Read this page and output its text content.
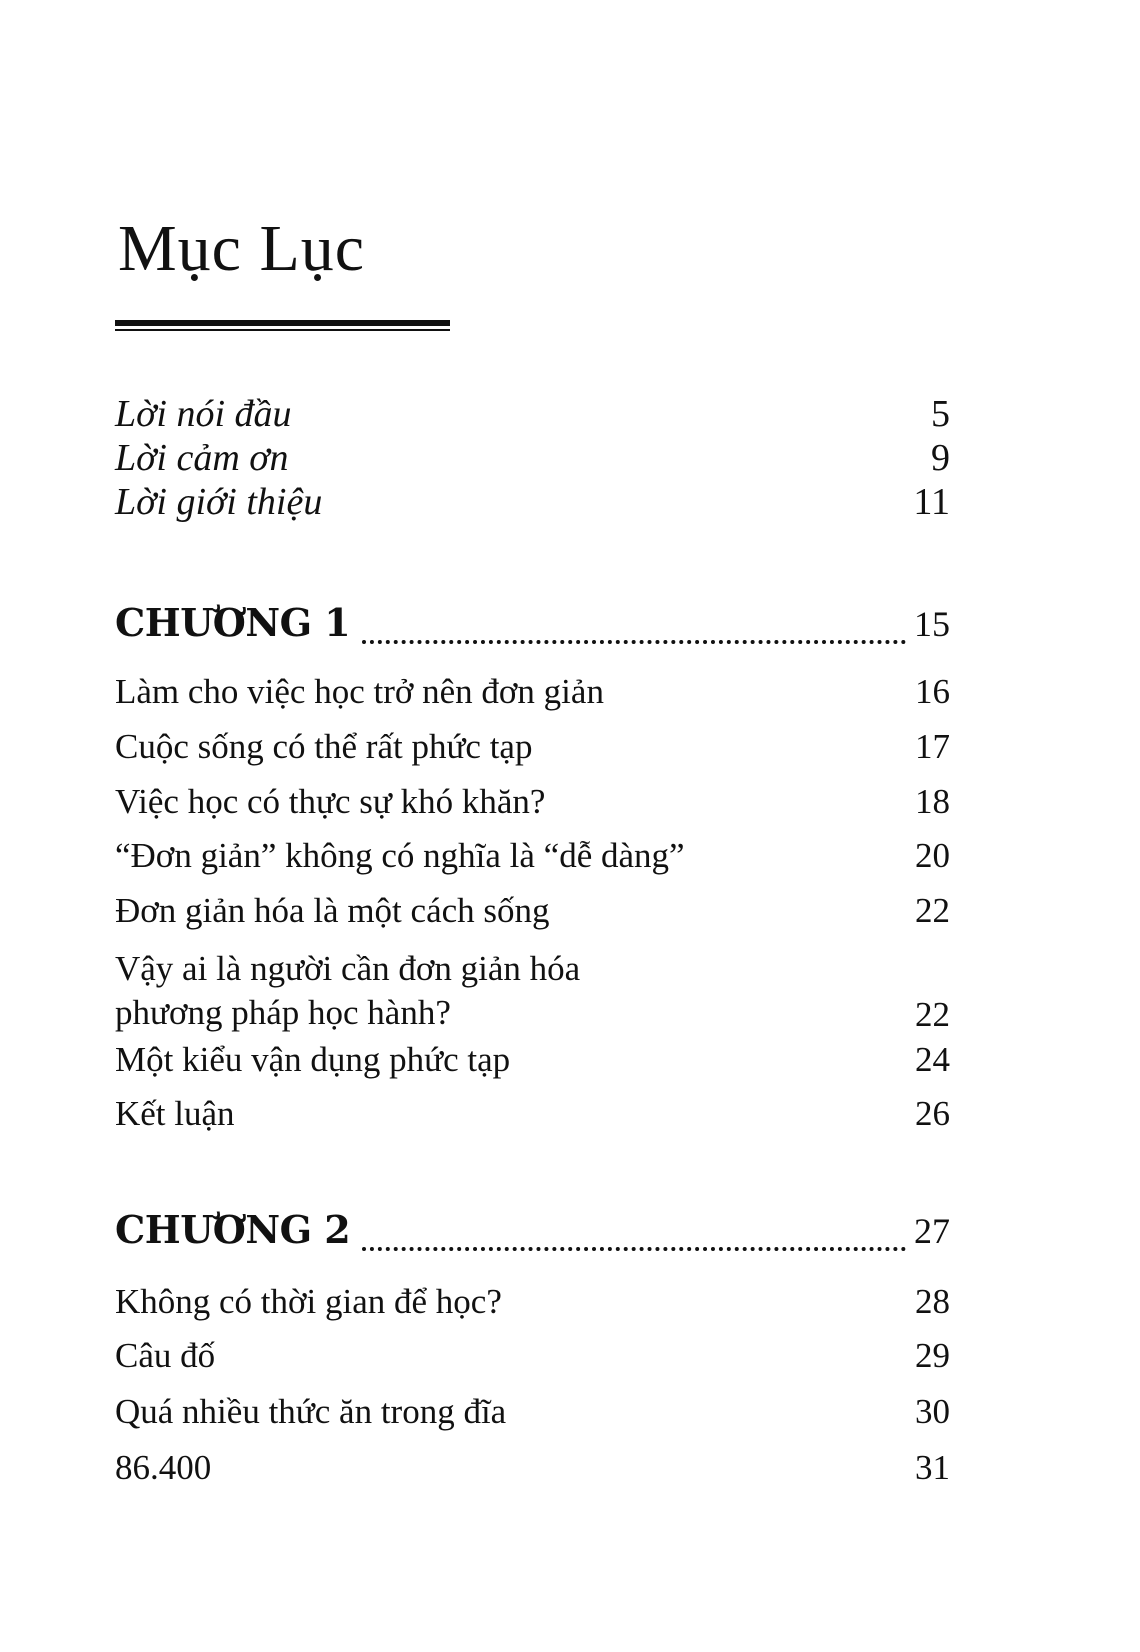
Mục Lục
Lời nói đầu	5
Lời cảm ơn	9
Lời giới thiệu	11
CHƯƠNG 1	15
Làm cho việc học trở nên đơn giản	16
Cuộc sống có thể rất phức tạp	17
Việc học có thực sự khó khăn?	18
“Đơn giản” không có nghĩa là “dễ dàng”	20
Đơn giản hóa là một cách sống	22
Vậy ai là người cần đơn giản hóa
phương pháp học hành?	22
Một kiểu vận dụng phức tạp	24
Kết luận	26
CHƯƠNG 2	27
Không có thời gian để học?	28
Câu đố	29
Quá nhiều thức ăn trong đĩa	30
86.400	31
